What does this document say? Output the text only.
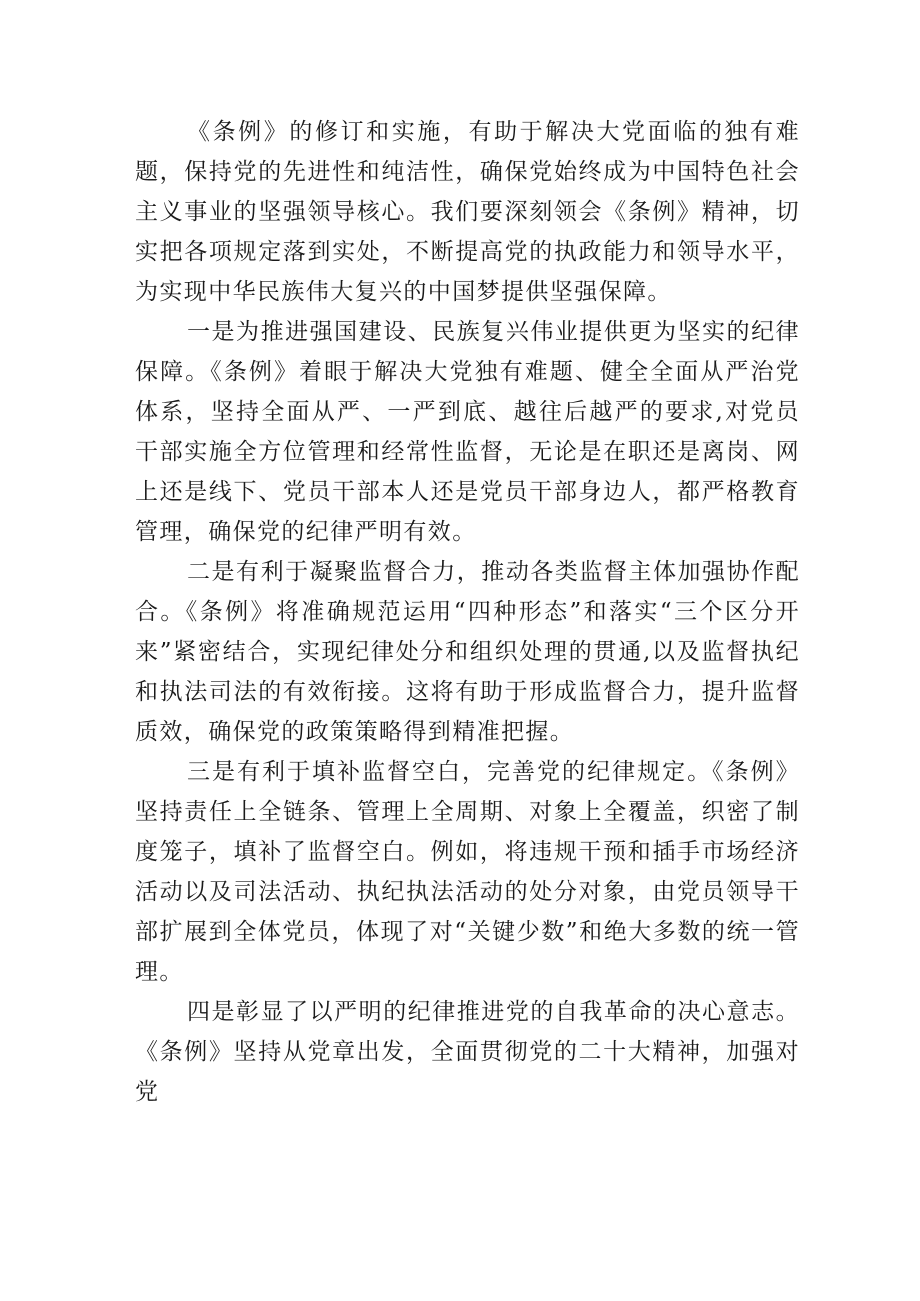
《条例》的修订和实施，有助于解决大党面临的独有难题，保持党的先进性和纯洁性，确保党始终成为中国特色社会主义事业的坚强领导核心。我们要深刻领会《条例》精神，切实把各项规定落到实处，不断提高党的执政能力和领导水平，为实现中华民族伟大复兴的中国梦提供坚强保障。

一是为推进强国建设、民族复兴伟业提供更为坚实的纪律保障。《条例》着眼于解决大党独有难题、健全全面从严治党体系，坚持全面从严、一严到底、越往后越严的要求,对党员干部实施全方位管理和经常性监督，无论是在职还是离岗、网上还是线下、党员干部本人还是党员干部身边人，都严格教育管理，确保党的纪律严明有效。

二是有利于凝聚监督合力，推动各类监督主体加强协作配合。《条例》将准确规范运用“四种形态”和落实“三个区分开来”紧密结合，实现纪律处分和组织处理的贯通,以及监督执纪和执法司法的有效衔接。这将有助于形成监督合力，提升监督质效，确保党的政策策略得到精准把握。

三是有利于填补监督空白，完善党的纪律规定。《条例》坚持责任上全链条、管理上全周期、对象上全覆盖，织密了制度笼子，填补了监督空白。例如，将违规干预和插手市场经济活动以及司法活动、执纪执法活动的处分对象，由党员领导干部扩展到全体党员，体现了对“关键少数”和绝大多数的统一管理。

四是彰显了以严明的纪律推进党的自我革命的决心意志。《条例》坚持从党章出发，全面贯彻党的二十大精神，加强对党
